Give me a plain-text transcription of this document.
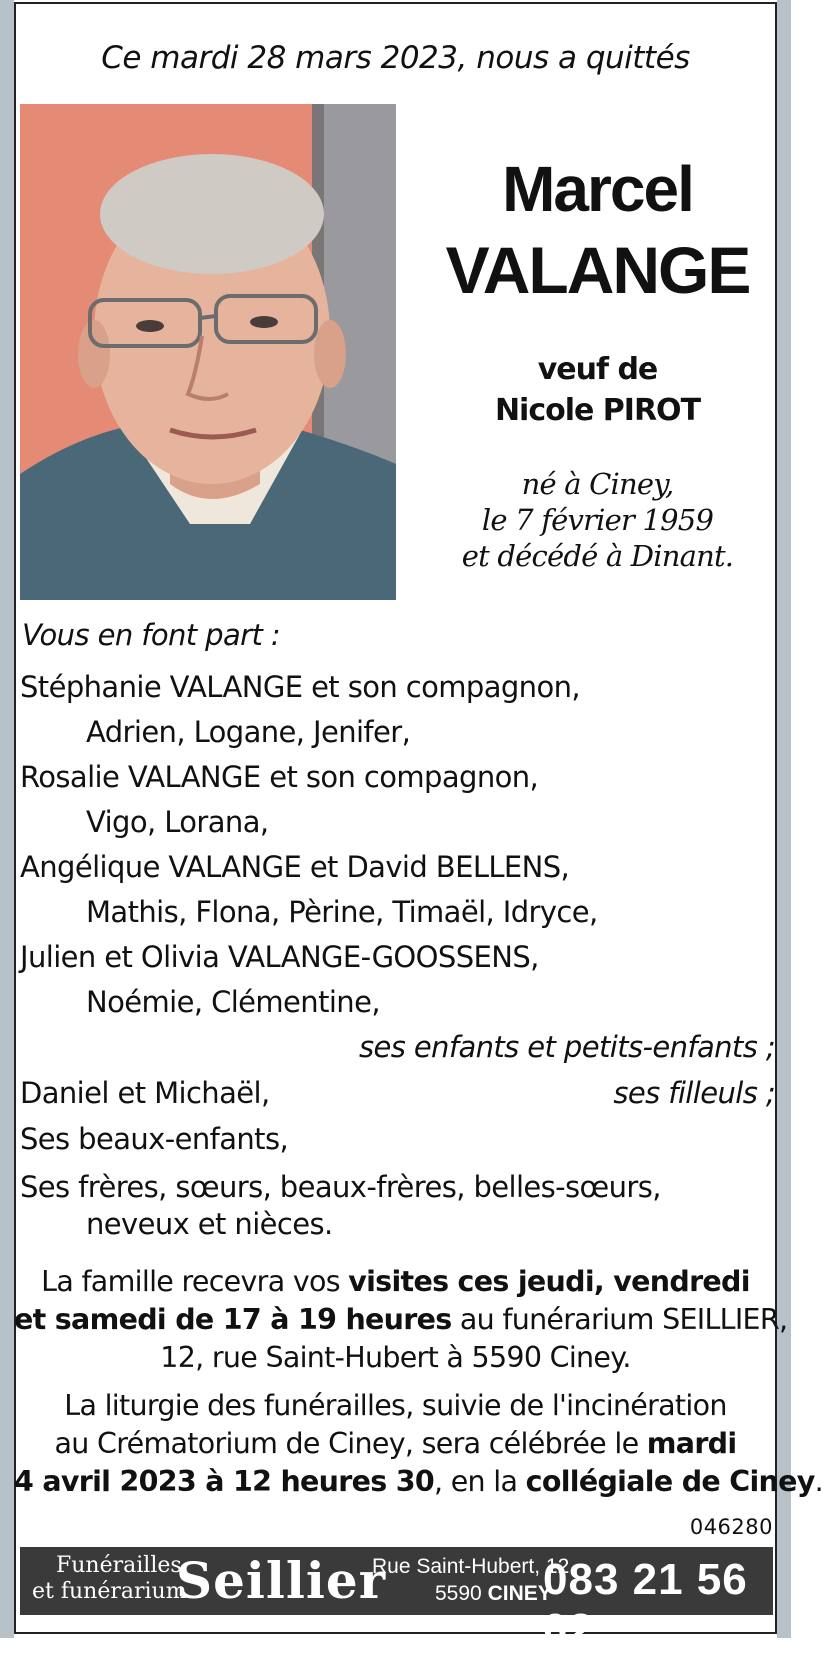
Ce mardi 28 mars 2023, nous a quittés
Marcel
VALANGE
veuf de
Nicole PIROT
né à Ciney,
le 7 février 1959
et décédé à Dinant.
Vous en font part :
Stéphanie VALANGE et son compagnon,
Adrien, Logane, Jenifer,
Rosalie VALANGE et son compagnon,
Vigo, Lorana,
Angélique VALANGE et David BELLENS,
Mathis, Flona, Pèrine, Timaël, Idryce,
Julien et Olivia VALANGE-GOOSSENS,
Noémie, Clémentine,
ses enfants et petits-enfants ;
Daniel et Michaël,	ses filleuls ;
Ses beaux-enfants,
Ses frères, sœurs, beaux-frères, belles-sœurs,
neveux et nièces.
La famille recevra vos visites ces jeudi, vendredi
et samedi de 17 à 19 heures au funérarium SEILLIER,
12, rue Saint-Hubert à 5590 Ciney.
La liturgie des funérailles, suivie de l'incinération
au Crématorium de Ciney, sera célébrée le mardi
4 avril 2023 à 12 heures 30, en la collégiale de Ciney.
046280
Funérailles
et funérarium
Seillier
Rue Saint-Hubert, 12
5590 CINEY
083 21 56 02
